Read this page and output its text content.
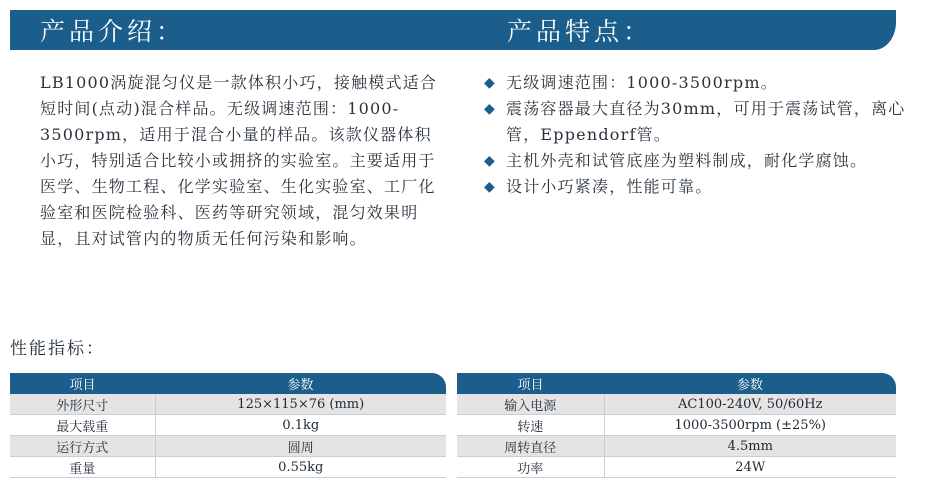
产品介绍：	产品特点：
LB1000涡旋混匀仪是一款体积小巧，接触模式适合短时间(点动)混合样品。无级调速范围：1000-3500rpm，适用于混合小量的样品。该款仪器体积小巧，特别适合比较小或拥挤的实验室。主要适用于医学、生物工程、化学实验室、生化实验室、工厂化验室和医院检验科、医药等研究领域，混匀效果明显，且对试管内的物质无任何污染和影响。
◆ 无级调速范围：1000-3500rpm。
◆ 震荡容器最大直径为30mm，可用于震荡试管，离心管，Eppendorf管。
◆ 主机外壳和试管底座为塑料制成，耐化学腐蚀。
◆ 设计小巧紧凑，性能可靠。
性能指标：
项目	参数
外形尺寸	125×115×76 (mm)
最大载重	0.1kg
运行方式	圆周
重量	0.55kg
项目	参数
输入电源	AC100-240V, 50/60Hz
转速	1000-3500rpm (±25%)
周转直径	4.5mm
功率	24W
